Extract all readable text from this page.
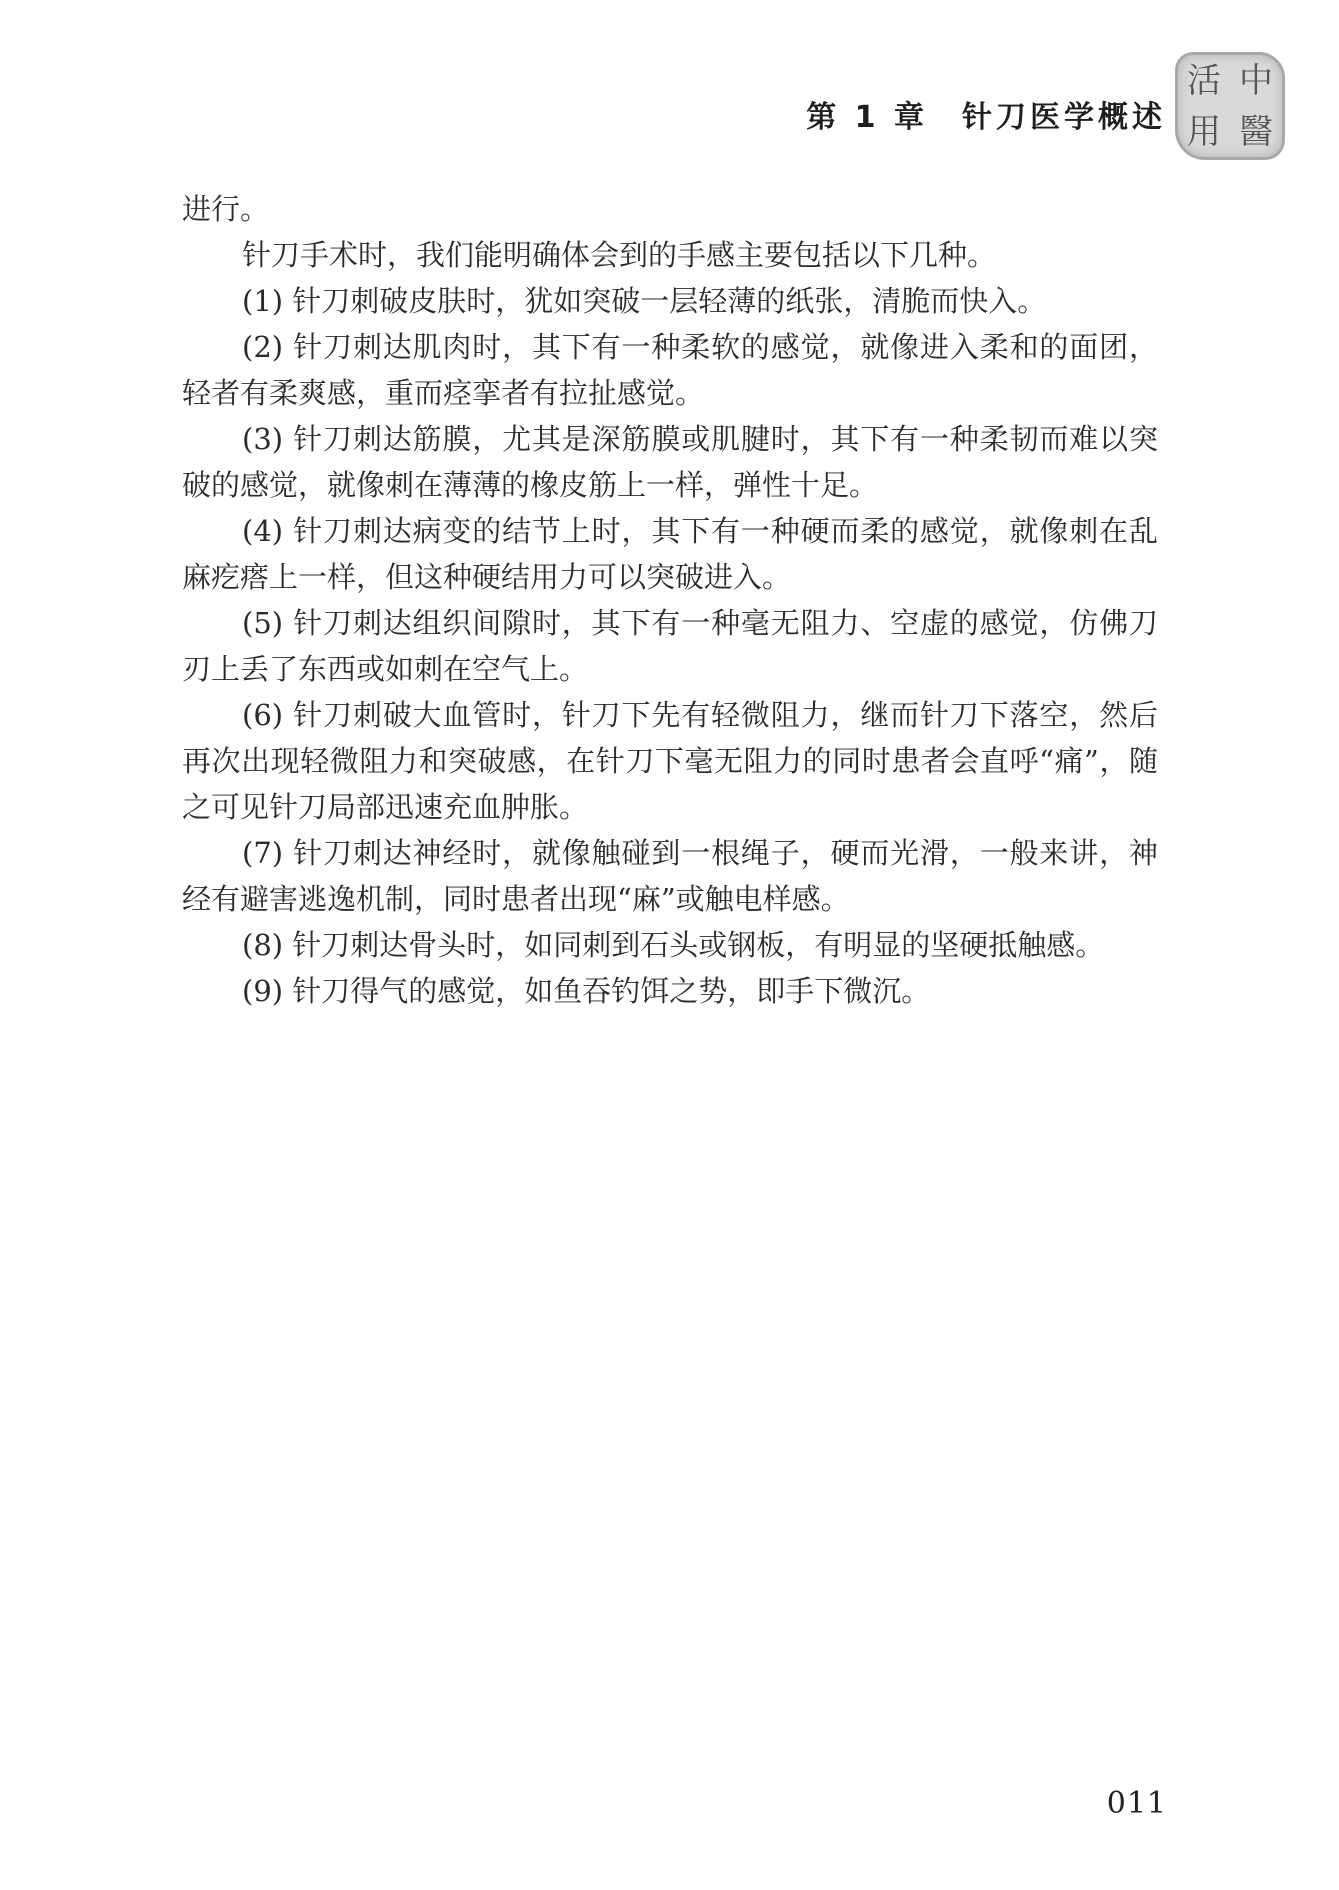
第 1 章 针刀医学概述
活 中
用 醫

进行。

针刀手术时，我们能明确体会到的手感主要包括以下几种。

(1) 针刀刺破皮肤时，犹如突破一层轻薄的纸张，清脆而快入。

(2) 针刀刺达肌肉时，其下有一种柔软的感觉，就像进入柔和的面团，轻者有柔爽感，重而痉挛者有拉扯感觉。

(3) 针刀刺达筋膜，尤其是深筋膜或肌腱时，其下有一种柔韧而难以突破的感觉，就像刺在薄薄的橡皮筋上一样，弹性十足。

(4) 针刀刺达病变的结节上时，其下有一种硬而柔的感觉，就像刺在乱麻疙瘩上一样，但这种硬结用力可以突破进入。

(5) 针刀刺达组织间隙时，其下有一种毫无阻力、空虚的感觉，仿佛刀刃上丢了东西或如刺在空气上。

(6) 针刀刺破大血管时，针刀下先有轻微阻力，继而针刀下落空，然后再次出现轻微阻力和突破感，在针刀下毫无阻力的同时患者会直呼“痛”，随之可见针刀局部迅速充血肿胀。

(7) 针刀刺达神经时，就像触碰到一根绳子，硬而光滑，一般来讲，神经有避害逃逸机制，同时患者出现“麻”或触电样感。

(8) 针刀刺达骨头时，如同刺到石头或钢板，有明显的坚硬抵触感。

(9) 针刀得气的感觉，如鱼吞钓饵之势，即手下微沉。

011
